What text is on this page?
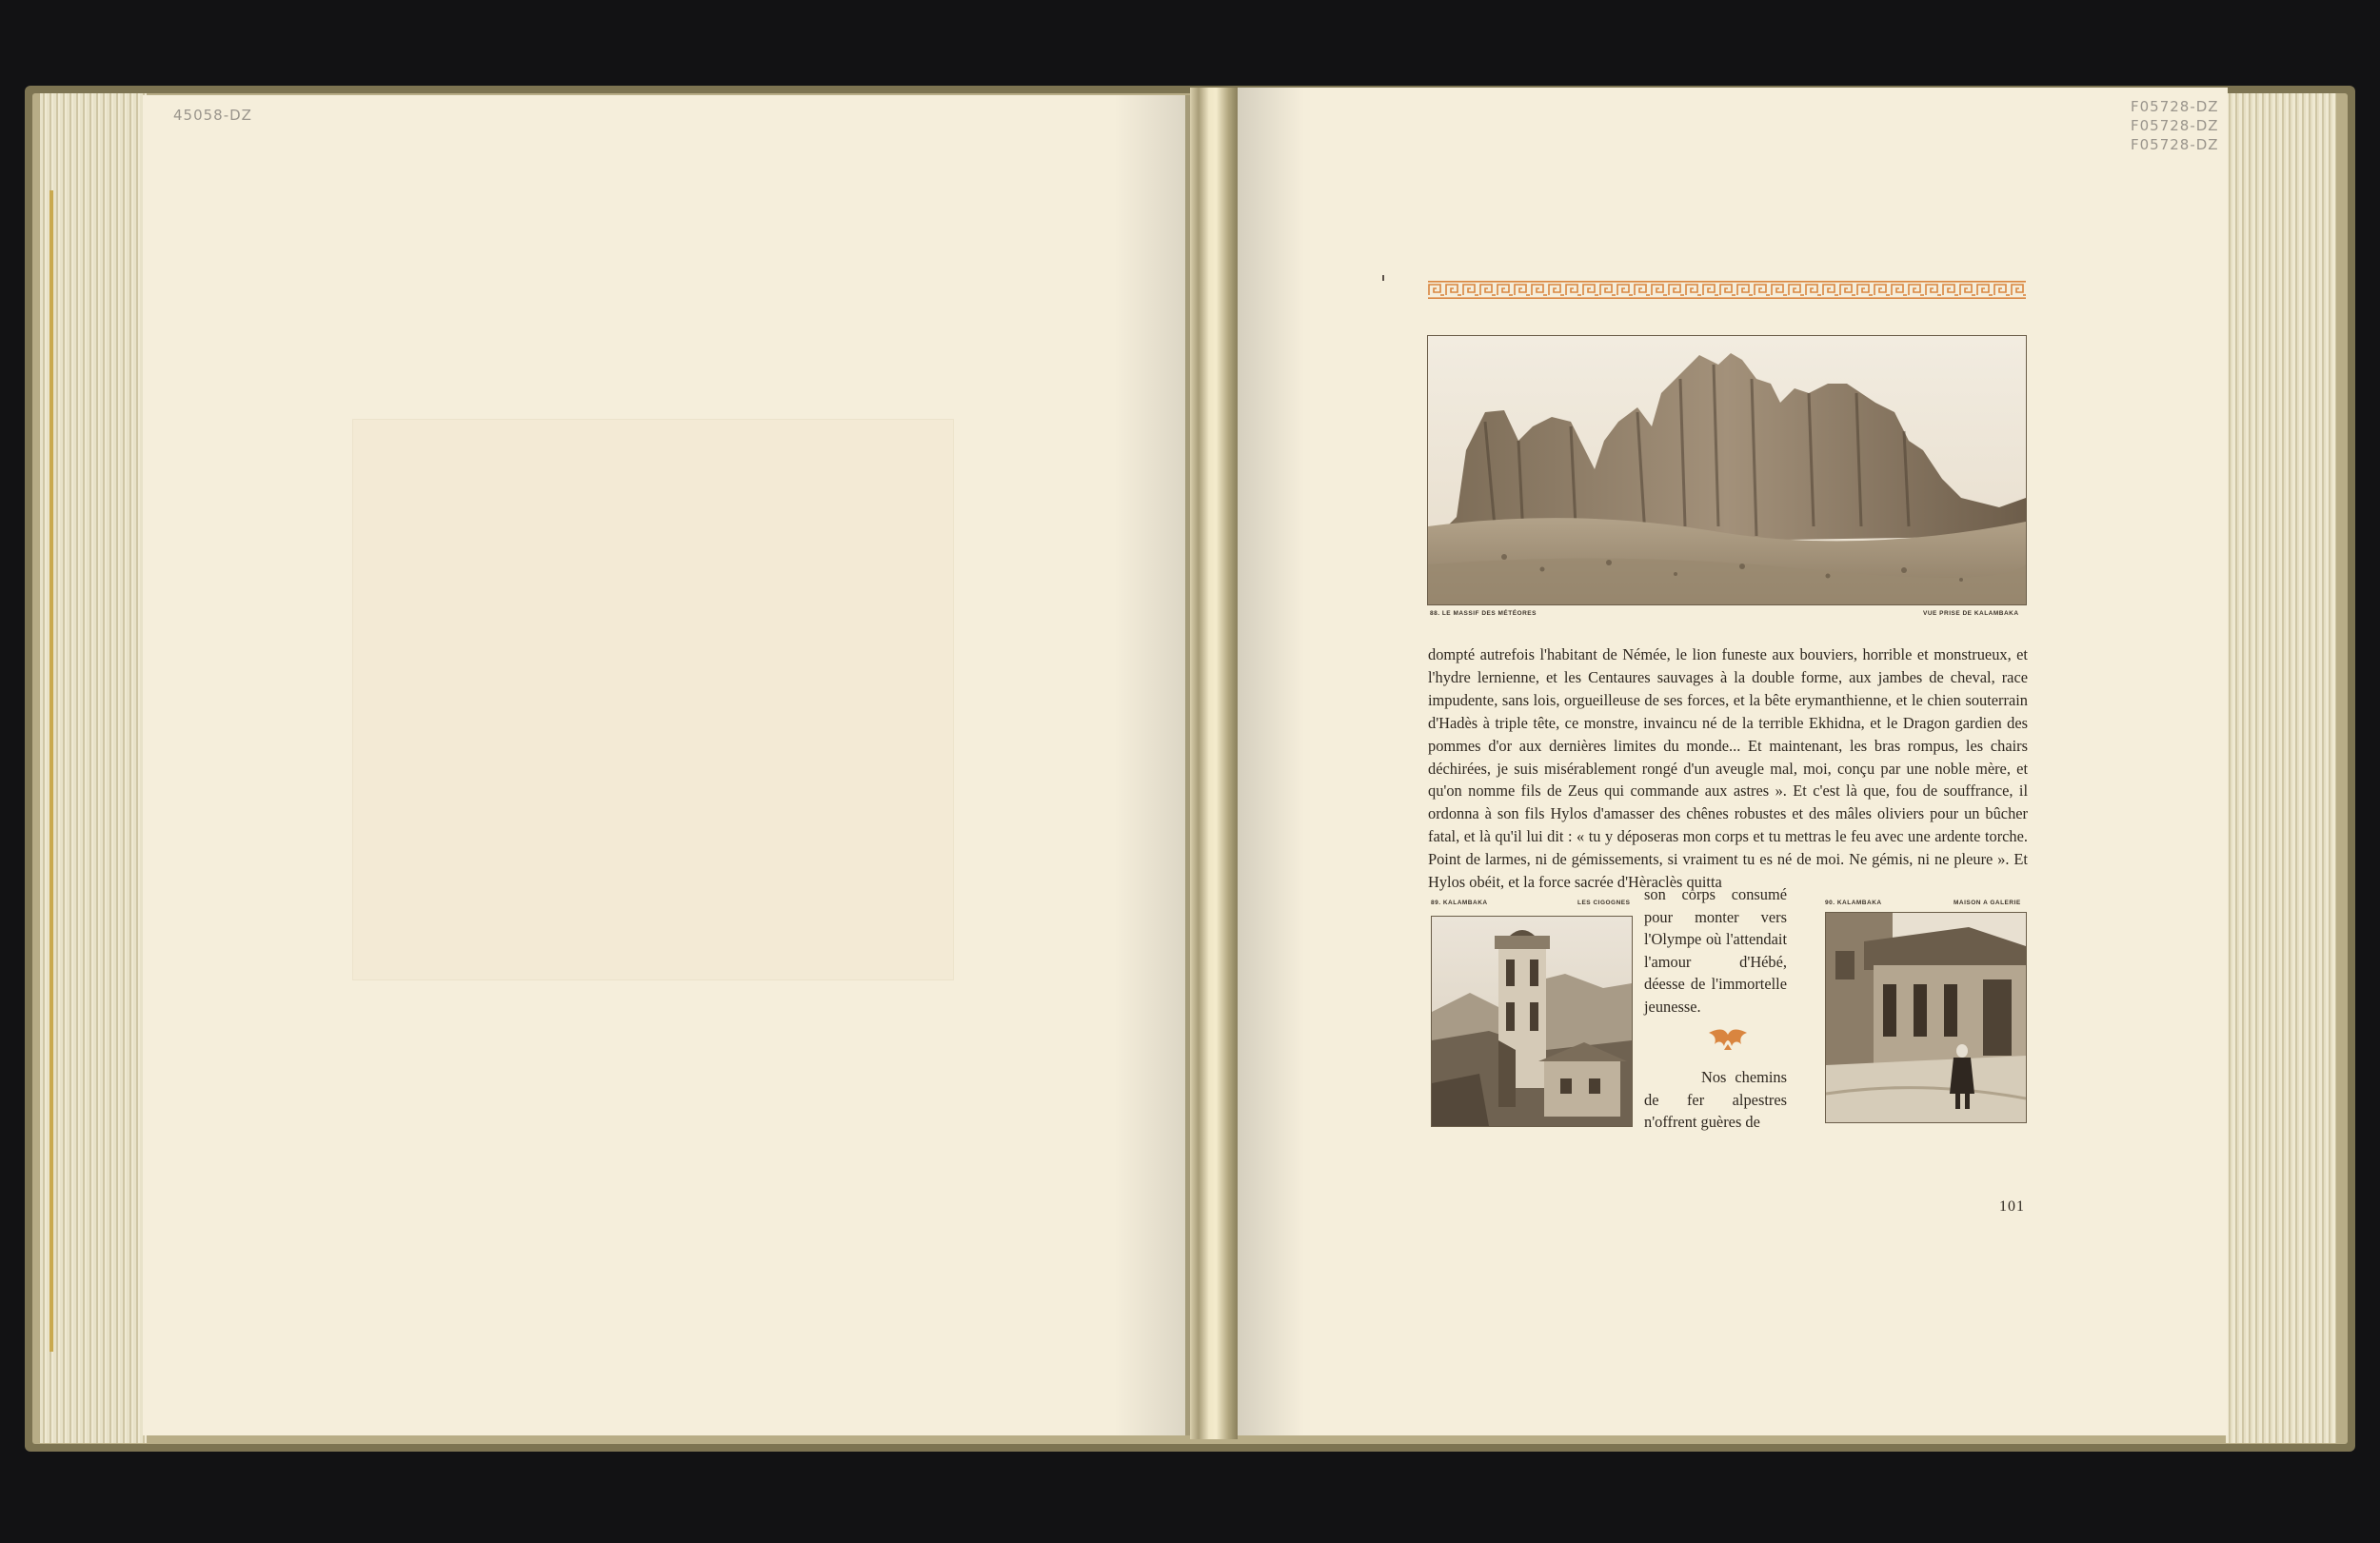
45058-DZ	F05728-DZ
F05728-DZ
F05728-DZ
88. LE MASSIF DES MÉTÉORES	VUE PRISE DE KALAMBAKA

dompté autrefois l'habitant de Némée, le lion funeste aux bouviers, horrible et monstrueux, et l'hydre lernienne, et les Centaures sauvages à la double forme, aux jambes de cheval, race impudente, sans lois, orgueilleuse de ses forces, et la bête erymanthienne, et le chien souterrain d'Hadès à triple tête, ce monstre, invaincu né de la terrible Ekhidna, et le Dragon gardien des pommes d'or aux dernières limites du monde... Et maintenant, les bras rompus, les chairs déchirées, je suis misérablement rongé d'un aveugle mal, moi, conçu par une noble mère, et qu'on nomme fils de Zeus qui commande aux astres ». Et c'est là que, fou de souffrance, il ordonna à son fils Hylos d'amasser des chênes robustes et des mâles oliviers pour un bûcher fatal, et là qu'il lui dit : « tu y déposeras mon corps et tu mettras le feu avec une ardente torche. Point de larmes, ni de gémissements, si vraiment tu es né de moi. Ne gémis, ni ne pleure ». Et Hylos obéit, et la force sacrée d'Hèraclès quitta

89. KALAMBAKA	LES CIGOGNES son corps consumé pour monter vers l'Olympe où l'attendait l'amour d'Hébé, déesse de l'immortelle jeunesse.
Nos chemins de fer alpestres n'offrent guères de
90. KALAMBAKA	MAISON A GALERIE
101
